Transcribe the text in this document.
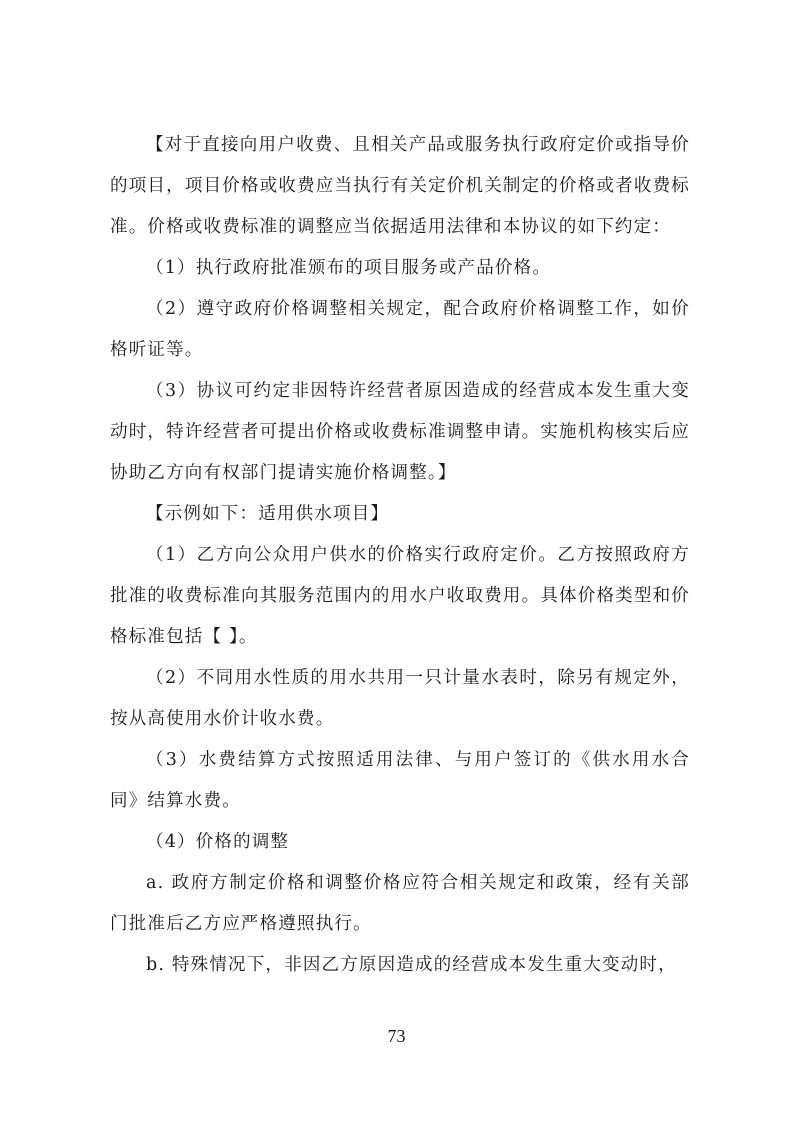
【对于直接向用户收费、且相关产品或服务执行政府定价或指导价的项目，项目价格或收费应当执行有关定价机关制定的价格或者收费标准。价格或收费标准的调整应当依据适用法律和本协议的如下约定：

（1）执行政府批准颁布的项目服务或产品价格。

（2）遵守政府价格调整相关规定，配合政府价格调整工作，如价格听证等。

（3）协议可约定非因特许经营者原因造成的经营成本发生重大变动时，特许经营者可提出价格或收费标准调整申请。实施机构核实后应协助乙方向有权部门提请实施价格调整。】

【示例如下：适用供水项目】

（1）乙方向公众用户供水的价格实行政府定价。乙方按照政府方批准的收费标准向其服务范围内的用水户收取费用。具体价格类型和价格标准包括【 】。

（2）不同用水性质的用水共用一只计量水表时，除另有规定外，按从高使用水价计收水费。

（3）水费结算方式按照适用法律、与用户签订的《供水用水合同》结算水费。

（4）价格的调整

a. 政府方制定价格和调整价格应符合相关规定和政策，经有关部门批准后乙方应严格遵照执行。

b. 特殊情况下，非因乙方原因造成的经营成本发生重大变动时，

73
